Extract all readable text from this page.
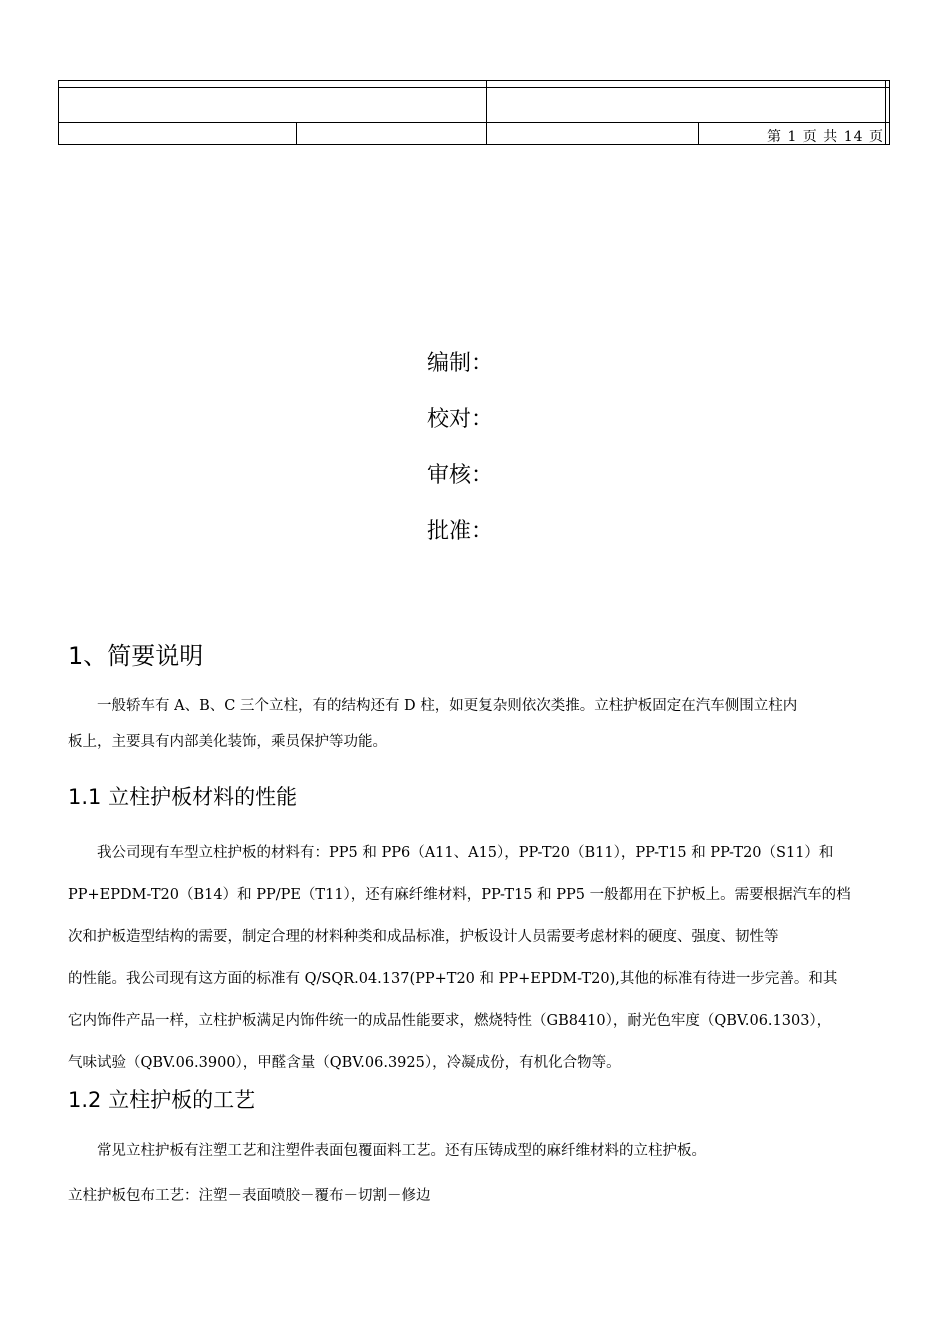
第 1 页 共 14 页
编制：
校对：
审核：
批准：
1、简要说明
一般轿车有 A、B、C 三个立柱，有的结构还有 D 柱，如更复杂则依次类推。立柱护板固定在汽车侧围立柱内
板上，主要具有内部美化装饰，乘员保护等功能。
1.1 立柱护板材料的性能
我公司现有车型立柱护板的材料有：PP5 和 PP6（A11、A15），PP-T20（B11），PP-T15 和 PP-T20（S11）和
PP+EPDM-T20（B14）和 PP/PE（T11），还有麻纤维材料，PP-T15 和 PP5 一般都用在下护板上。需要根据汽车的档
次和护板造型结构的需要，制定合理的材料种类和成品标准，护板设计人员需要考虑材料的硬度、强度、韧性等
的性能。我公司现有这方面的标准有 Q/SQR.04.137(PP+T20 和 PP+EPDM-T20),其他的标准有待进一步完善。和其
它内饰件产品一样，立柱护板满足内饰件统一的成品性能要求，燃烧特性（GB8410），耐光色牢度（QBV.06.1303），
气味试验（QBV.06.3900），甲醛含量（QBV.06.3925），冷凝成份，有机化合物等。
1.2 立柱护板的工艺
常见立柱护板有注塑工艺和注塑件表面包覆面料工艺。还有压铸成型的麻纤维材料的立柱护板。
立柱护板包布工艺：注塑－表面喷胶－覆布－切割－修边
